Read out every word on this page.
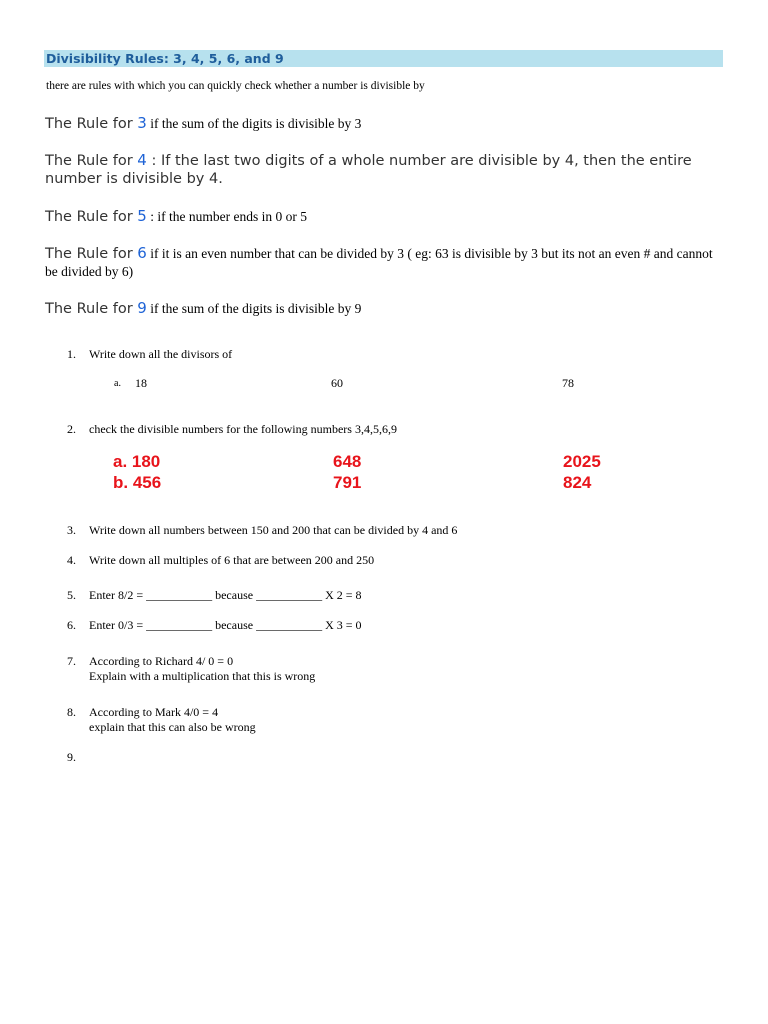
Divisibility Rules: 3, 4, 5, 6, and 9
there are rules with which you can quickly check whether a number is divisible by
The Rule for 3 if the sum of the digits is divisible by 3
The Rule for 4 : If the last two digits of a whole number are divisible by 4, then the entire number is divisible by 4.
The Rule for 5 : if the number ends in 0 or 5
The Rule for 6 if it is an even number that can be divided by 3 ( eg: 63 is divisible by 3 but its not an even # and cannot be divided by 6)
The Rule for 9 if the sum of the digits is divisible by 9
1. Write down all the divisors of
a. 18	60	78
2. check the divisible numbers for the following numbers 3,4,5,6,9
a. 180	648	2025
b. 456	791	824
3. Write down all numbers between 150 and 200 that can be divided by 4 and 6
4. Write down all multiples of 6 that are between 200 and 250
5. Enter 8/2 = ___________ because ___________ X 2 = 8
6. Enter 0/3 = ___________ because ___________ X 3 = 0
7. According to Richard 4/ 0 = 0
Explain with a multiplication that this is wrong
8. According to Mark 4/0 = 4
explain that this can also be wrong
9.
